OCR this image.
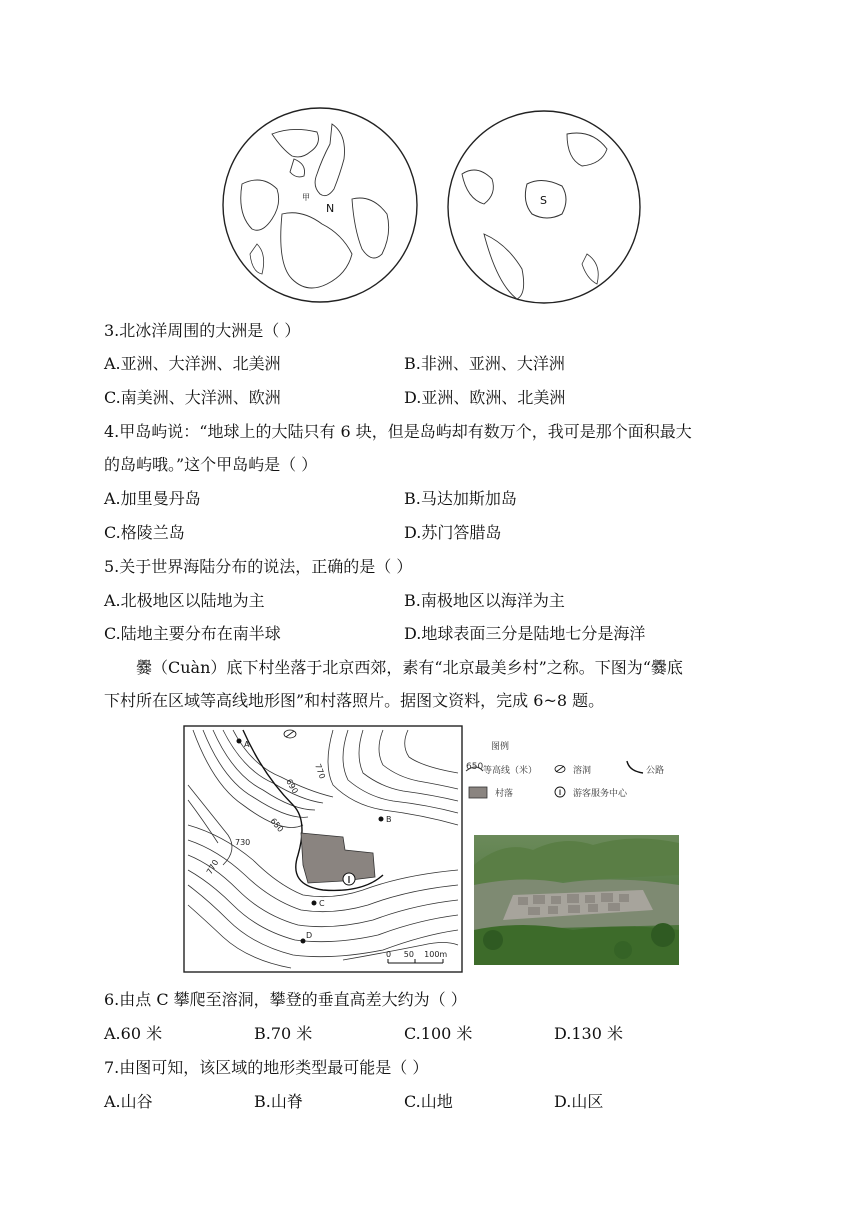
N
甲	S
3.北冰洋周围的大洲是（ ）
A.亚洲、大洋洲、北美洲	B.非洲、亚洲、大洋洲
C.南美洲、大洋洲、欧洲	D.亚洲、欧洲、北美洲
4.甲岛屿说：“地球上的大陆只有 6 块，但是岛屿却有数万个，我可是那个面积最大
的岛屿哦。”这个甲岛屿是（ ）
A.加里曼丹岛	B.马达加斯加岛
C.格陵兰岛	D.苏门答腊岛
5.关于世界海陆分布的说法，正确的是（ ）
A.北极地区以陆地为主	B.南极地区以海洋为主
C.陆地主要分布在南半球	D.地球表面三分是陆地七分是海洋
爨（Cuàn）底下村坐落于北京西郊，素有“北京最美乡村”之称。下图为“爨底
下村所在区域等高线地形图”和村落照片。据图文资料，完成 6~8 题。
A
B
C
D
770
690
650
730
770
0     50    100m
图例
650 等高线（米）	溶洞	公路
村落	游客服务中心
6.由点 C 攀爬至溶洞，攀登的垂直高差大约为（ ）
A.60 米	B.70 米	C.100 米	D.130 米
7.由图可知，该区域的地形类型最可能是（ ）
A.山谷	B.山脊	C.山地	D.山区
